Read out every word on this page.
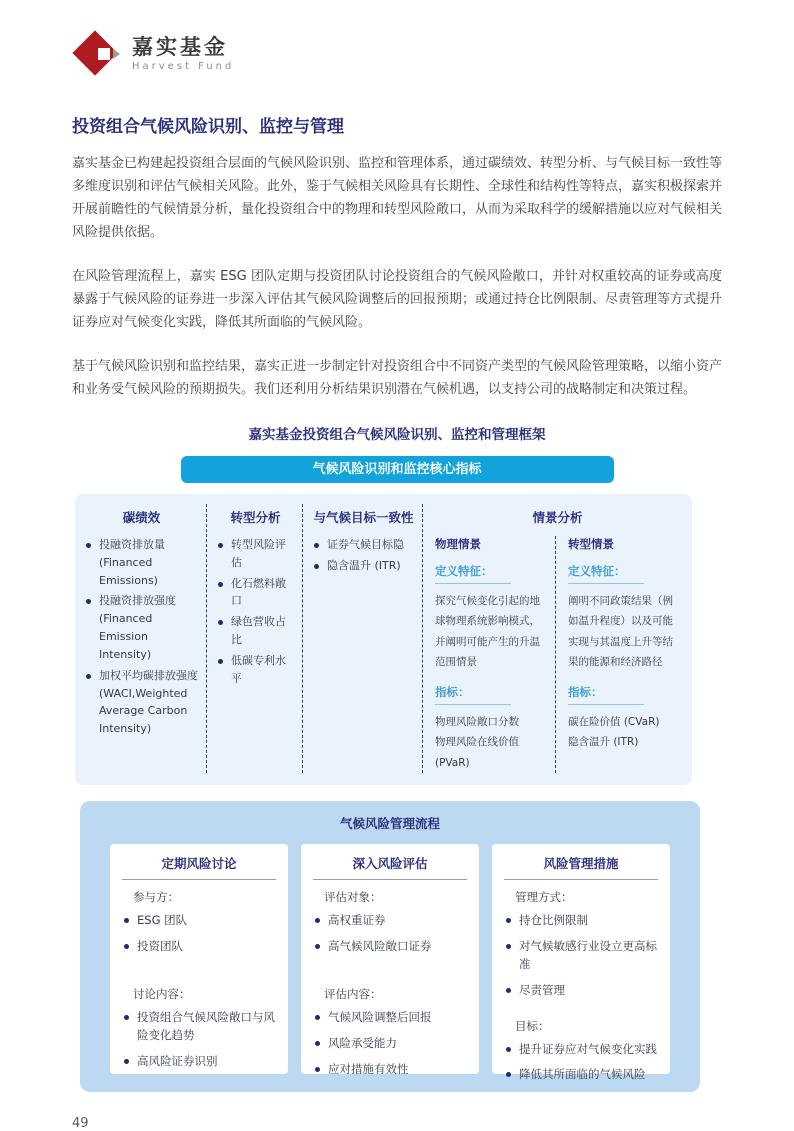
嘉实基金
Harvest Fund
投资组合气候风险识别、监控与管理

嘉实基金已构建起投资组合层面的气候风险识别、监控和管理体系，通过碳绩效、转型分析、与气候目标一致性等多维度识别和评估气候相关风险。此外，鉴于气候相关风险具有长期性、全球性和结构性等特点，嘉实积极探索并开展前瞻性的气候情景分析，量化投资组合中的物理和转型风险敞口，从而为采取科学的缓解措施以应对气候相关风险提供依据。

在风险管理流程上，嘉实 ESG 团队定期与投资团队讨论投资组合的气候风险敞口，并针对权重较高的证券或高度暴露于气候风险的证券进一步深入评估其气候风险调整后的回报预期；或通过持仓比例限制、尽责管理等方式提升证券应对气候变化实践，降低其所面临的气候风险。

基于气候风险识别和监控结果，嘉实正进一步制定针对投资组合中不同资产类型的气候风险管理策略，以缩小资产和业务受气候风险的预期损失。我们还利用分析结果识别潜在气候机遇，以支持公司的战略制定和决策过程。

嘉实基金投资组合气候风险识别、监控和管理框架
气候风险识别和监控核心指标
碳绩效
投融资排放量 (Financed Emissions)
投融资排放强度 (Financed Emission Intensity)
加权平均碳排放强度 (WACI,Weighted Average Carbon Intensity)
转型分析
转型风险评估
化石燃料敞口
绿色营收占比
低碳专利水平
与气候目标一致性
证券气候目标隐
隐含温升 (ITR)
情景分析
物理情景
定义特征：

探究气候变化引起的地球物理系统影响模式，并阐明可能产生的升温范围情景

指标：
物理风险敞口分数
物理风险在线价值 (PVaR)
转型情景
定义特征：

阐明不同政策结果（例如温升程度）以及可能实现与其温度上升等结果的能源和经济路径

指标：
碳在险价值 (CVaR)
隐含温升 (ITR)
气候风险管理流程
定期风险讨论
参与方：
ESG 团队
投资团队
讨论内容：
投资组合气候风险敞口与风险变化趋势
高风险证券识别
深入风险评估
评估对象：
高权重证券
高气候风险敞口证券
评估内容：
气候风险调整后回报
风险承受能力
应对措施有效性
风险管理措施
管理方式：
持仓比例限制
对气候敏感行业设立更高标准
尽责管理
目标：
提升证券应对气候变化实践
降低其所面临的气候风险
49
